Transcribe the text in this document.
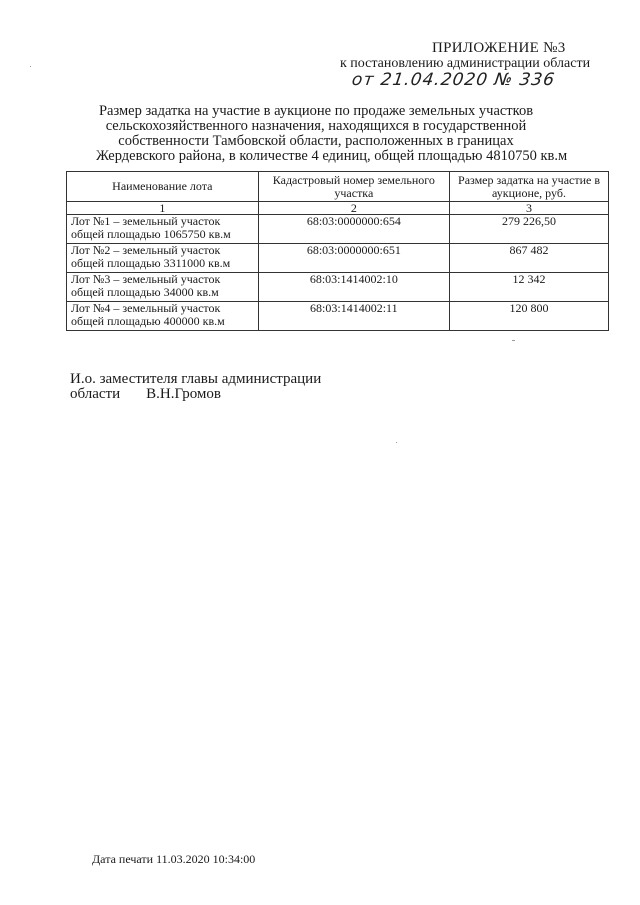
ПРИЛОЖЕНИЕ №3
к постановлению администрации области
от 21.04.2020 № 336
Размер задатка на участие в аукционе по продаже земельных участков
сельскохозяйственного назначения, находящихся в государственной
собственности Тамбовской области, расположенных в границах
Жердевского района, в количестве 4 единиц, общей площадью 4810750 кв.м
Наименование лота	Кадастровый номер земельного участка	Размер задатка на участие в аукционе, руб.
1	2	3
Лот №1 – земельный участок
общей площадью 1065750 кв.м	68:03:0000000:654	279 226,50
Лот №2 – земельный участок
общей площадью 3311000 кв.м	68:03:0000000:651	867 482
Лот №3 – земельный участок
общей площадью 34000 кв.м	68:03:1414002:10	12 342
Лот №4 – земельный участок
общей площадью 400000 кв.м	68:03:1414002:11	120 800
И.о. заместителя главы администрации
области В.Н.Громов
Дата печати 11.03.2020 10:34:00
